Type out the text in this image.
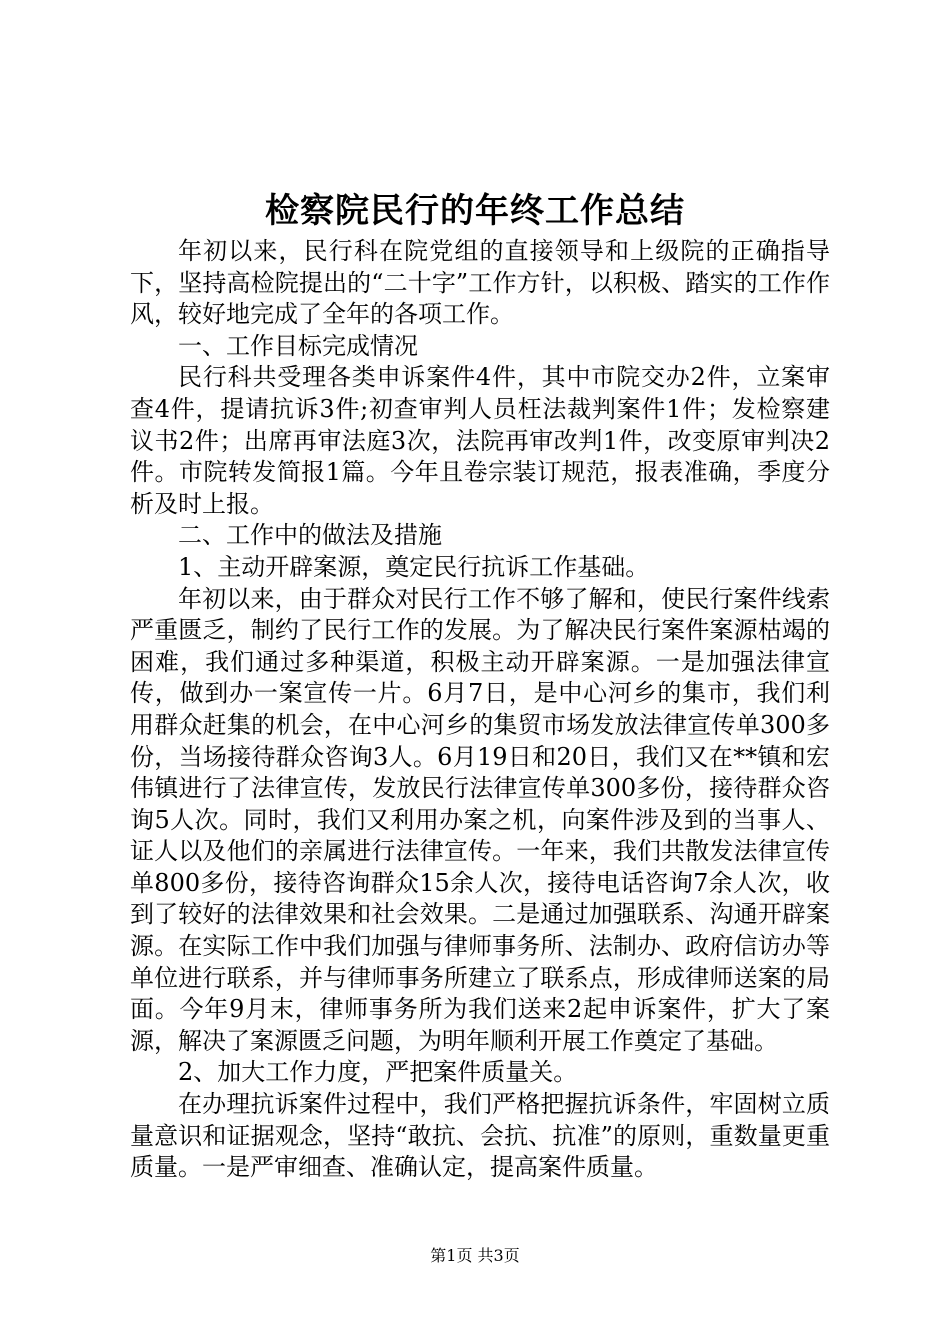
检察院民行的年终工作总结

年初以来，民行科在院党组的直接领导和上级院的正确指导下，坚持高检院提出的“二十字”工作方针，以积极、踏实的工作作风，较好地完成了全年的各项工作。

一、工作目标完成情况

民行科共受理各类申诉案件4件，其中市院交办2件，立案审查4件，提请抗诉3件;初查审判人员枉法裁判案件1件；发检察建议书2件；出席再审法庭3次，法院再审改判1件，改变原审判决2件。市院转发简报1篇。今年且卷宗装订规范，报表准确，季度分析及时上报。

二、工作中的做法及措施

1、主动开辟案源，奠定民行抗诉工作基础。

年初以来，由于群众对民行工作不够了解和，使民行案件线索严重匮乏，制约了民行工作的发展。为了解决民行案件案源枯竭的困难，我们通过多种渠道，积极主动开辟案源。一是加强法律宣传，做到办一案宣传一片。6月7日，是中心河乡的集市，我们利用群众赶集的机会，在中心河乡的集贸市场发放法律宣传单300多份，当场接待群众咨询3人。6月19日和20日，我们又在**镇和宏伟镇进行了法律宣传，发放民行法律宣传单300多份，接待群众咨询5人次。同时，我们又利用办案之机，向案件涉及到的当事人、证人以及他们的亲属进行法律宣传。一年来，我们共散发法律宣传单800多份，接待咨询群众15余人次，接待电话咨询7余人次，收到了较好的法律效果和社会效果。二是通过加强联系、沟通开辟案源。在实际工作中我们加强与律师事务所、法制办、政府信访办等单位进行联系，并与律师事务所建立了联系点，形成律师送案的局面。今年9月末，律师事务所为我们送来2起申诉案件，扩大了案源，解决了案源匮乏问题，为明年顺利开展工作奠定了基础。

2、加大工作力度，严把案件质量关。

在办理抗诉案件过程中，我们严格把握抗诉条件，牢固树立质量意识和证据观念，坚持“敢抗、会抗、抗准”的原则，重数量更重质量。一是严审细查、准确认定，提高案件质量。

第1页 共3页
